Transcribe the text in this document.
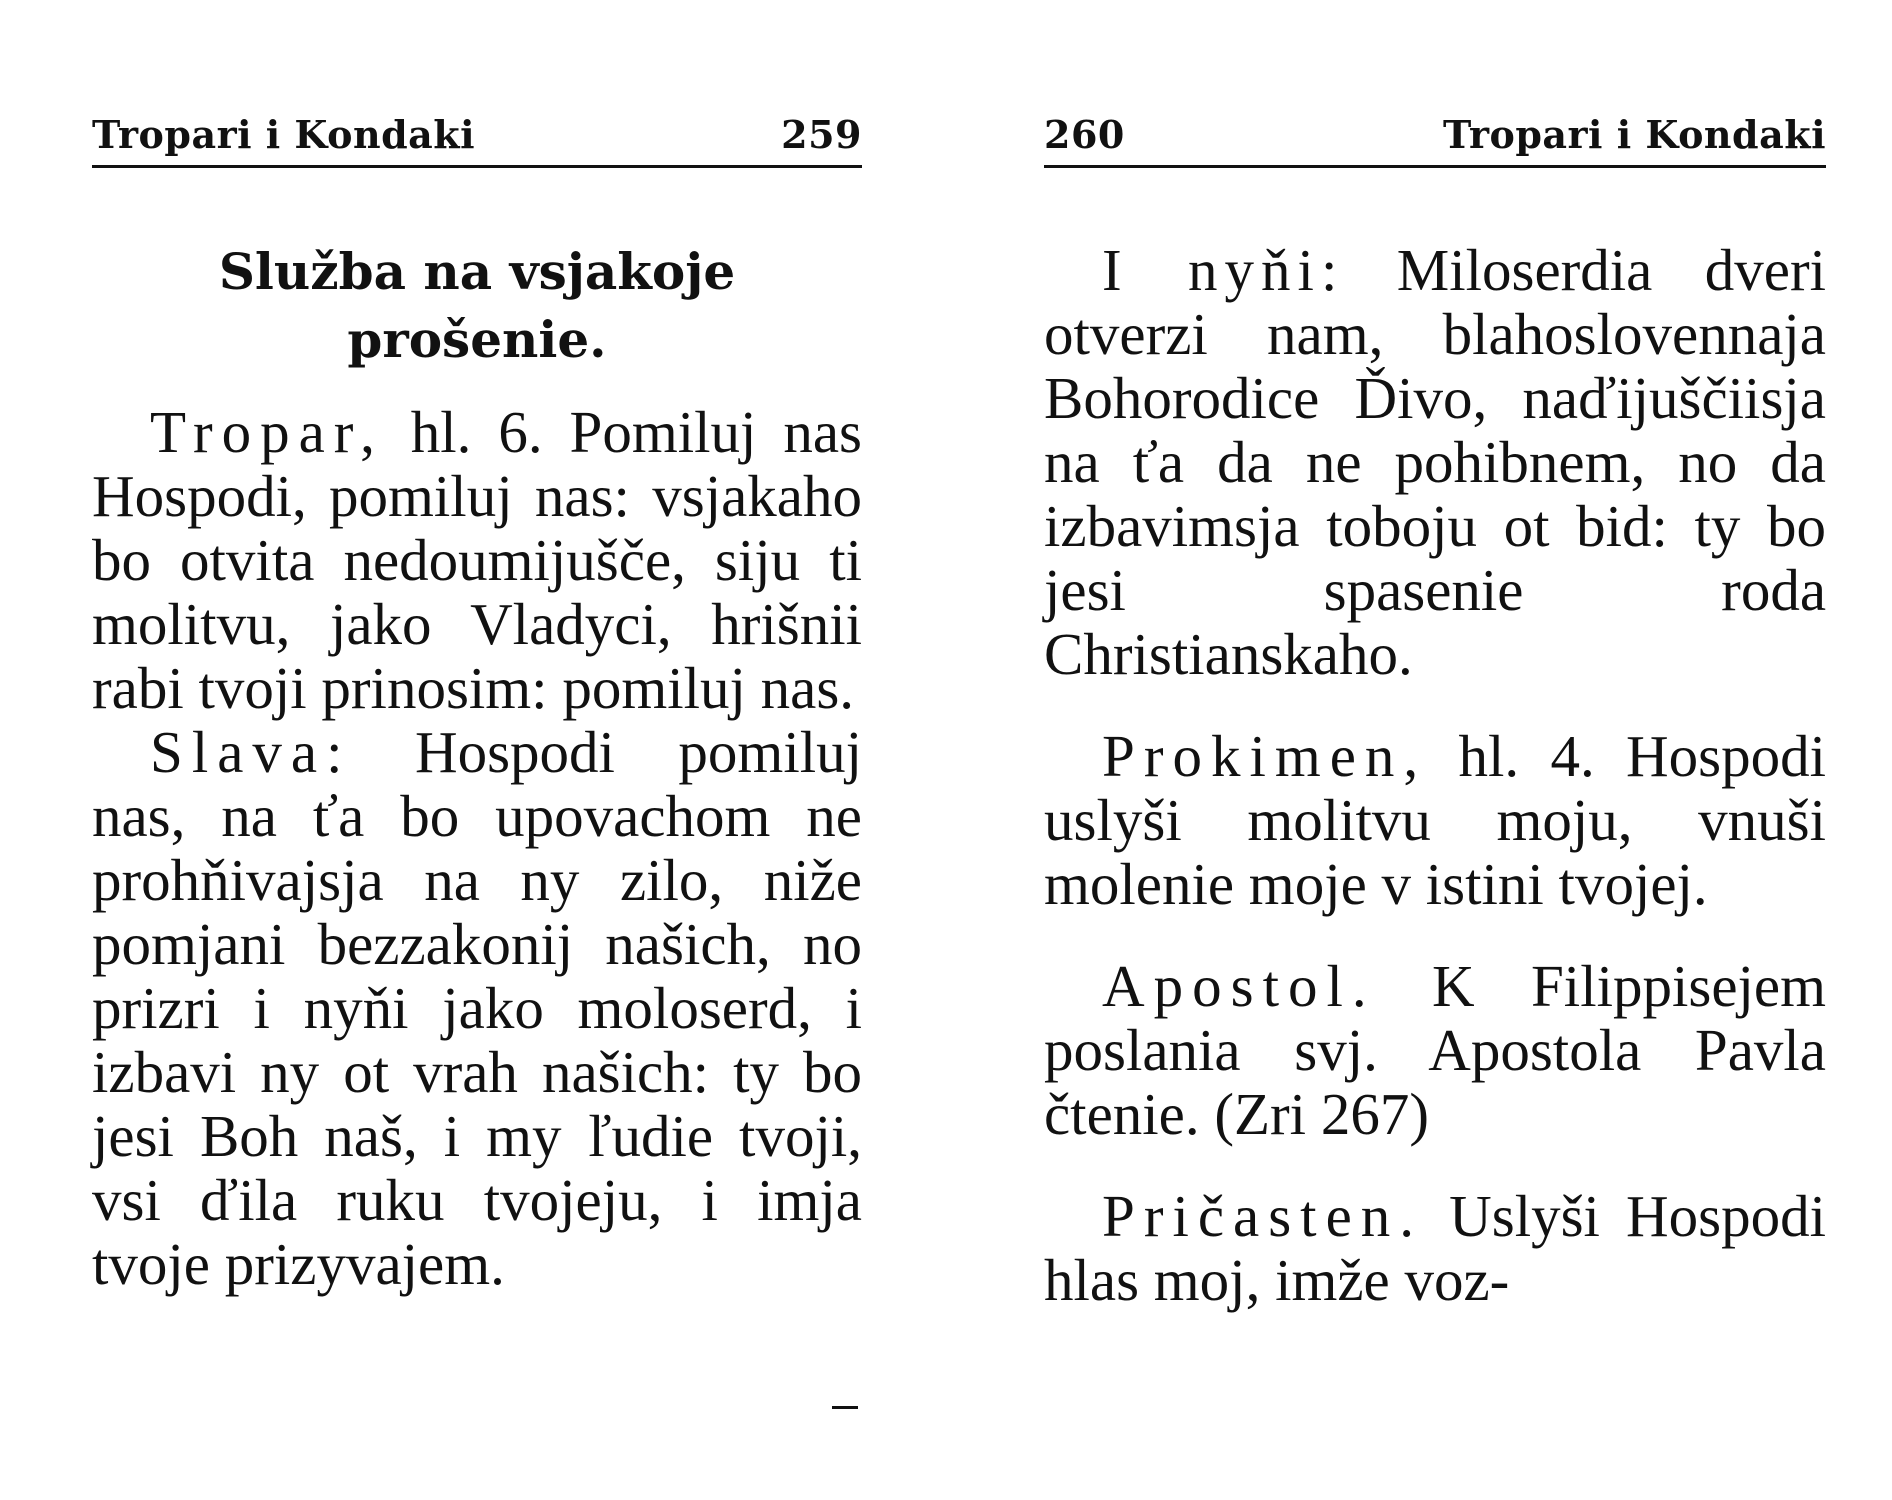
Tropari i Kondaki	259
Služba na vsjakoje
prošenie.

Tropar, hl. 6. Pomiluj nas Hospodi, pomiluj nas: vsjakaho bo otvita nedoumijušče, siju ti molitvu, jako Vladyci, hrišnii rabi tvoji prinosim: pomiluj nas.

Slava: Hospodi pomiluj nas, na ťa bo upovachom ne prohňivajsja na ny zilo, niže pomjani bezzakonij našich, no prizri i nyňi jako moloserd, i izbavi ny ot vrah našich: ty bo jesi Boh naš, i my ľudie tvoji, vsi ďila ruku tvojeju, i imja tvoje prizyvajem.

260	Tropari i Kondaki

I nyňi: Miloserdia dveri otverzi nam, blahoslovennaja Bohorodice Ďivo, naďijuščiisja na ťa da ne pohibnem, no da izbavimsja toboju ot bid: ty bo jesi spasenie roda Christianskaho.

Prokimen, hl. 4. Hospodi uslyši molitvu moju, vnuši molenie moje v istini tvojej.

Apostol. K Filippisejem poslania svj. Apostola Pavla čtenie. (Zri 267)

Pričasten. Uslyši Hospodi hlas moj, imže voz-
